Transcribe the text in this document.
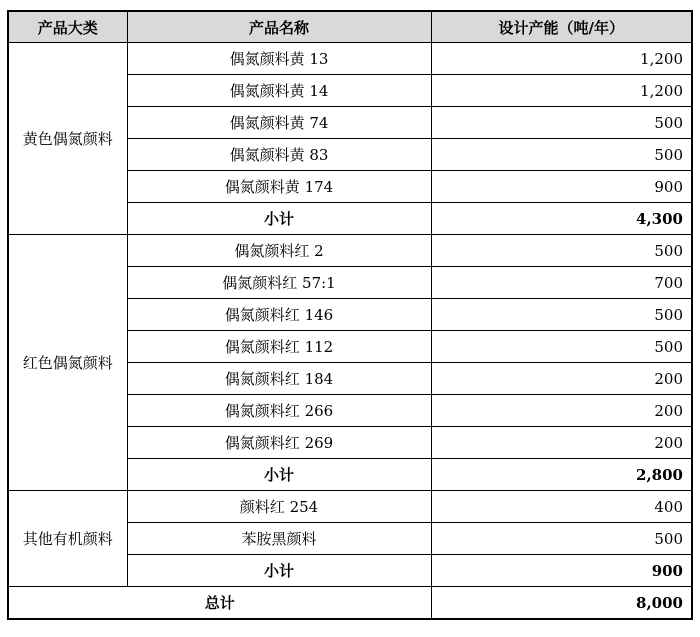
产品大类	产品名称	设计产能（吨/年）
黄色偶氮颜料	偶氮颜料黄 13	1,200
	偶氮颜料黄 14	1,200
	偶氮颜料黄 74	500
	偶氮颜料黄 83	500
	偶氮颜料黄 174	900
	小计	4,300
红色偶氮颜料	偶氮颜料红 2	500
	偶氮颜料红 57:1	700
	偶氮颜料红 146	500
	偶氮颜料红 112	500
	偶氮颜料红 184	200
	偶氮颜料红 266	200
	偶氮颜料红 269	200
	小计	2,800
其他有机颜料	颜料红 254	400
	苯胺黑颜料	500
	小计	900
总计		8,000
